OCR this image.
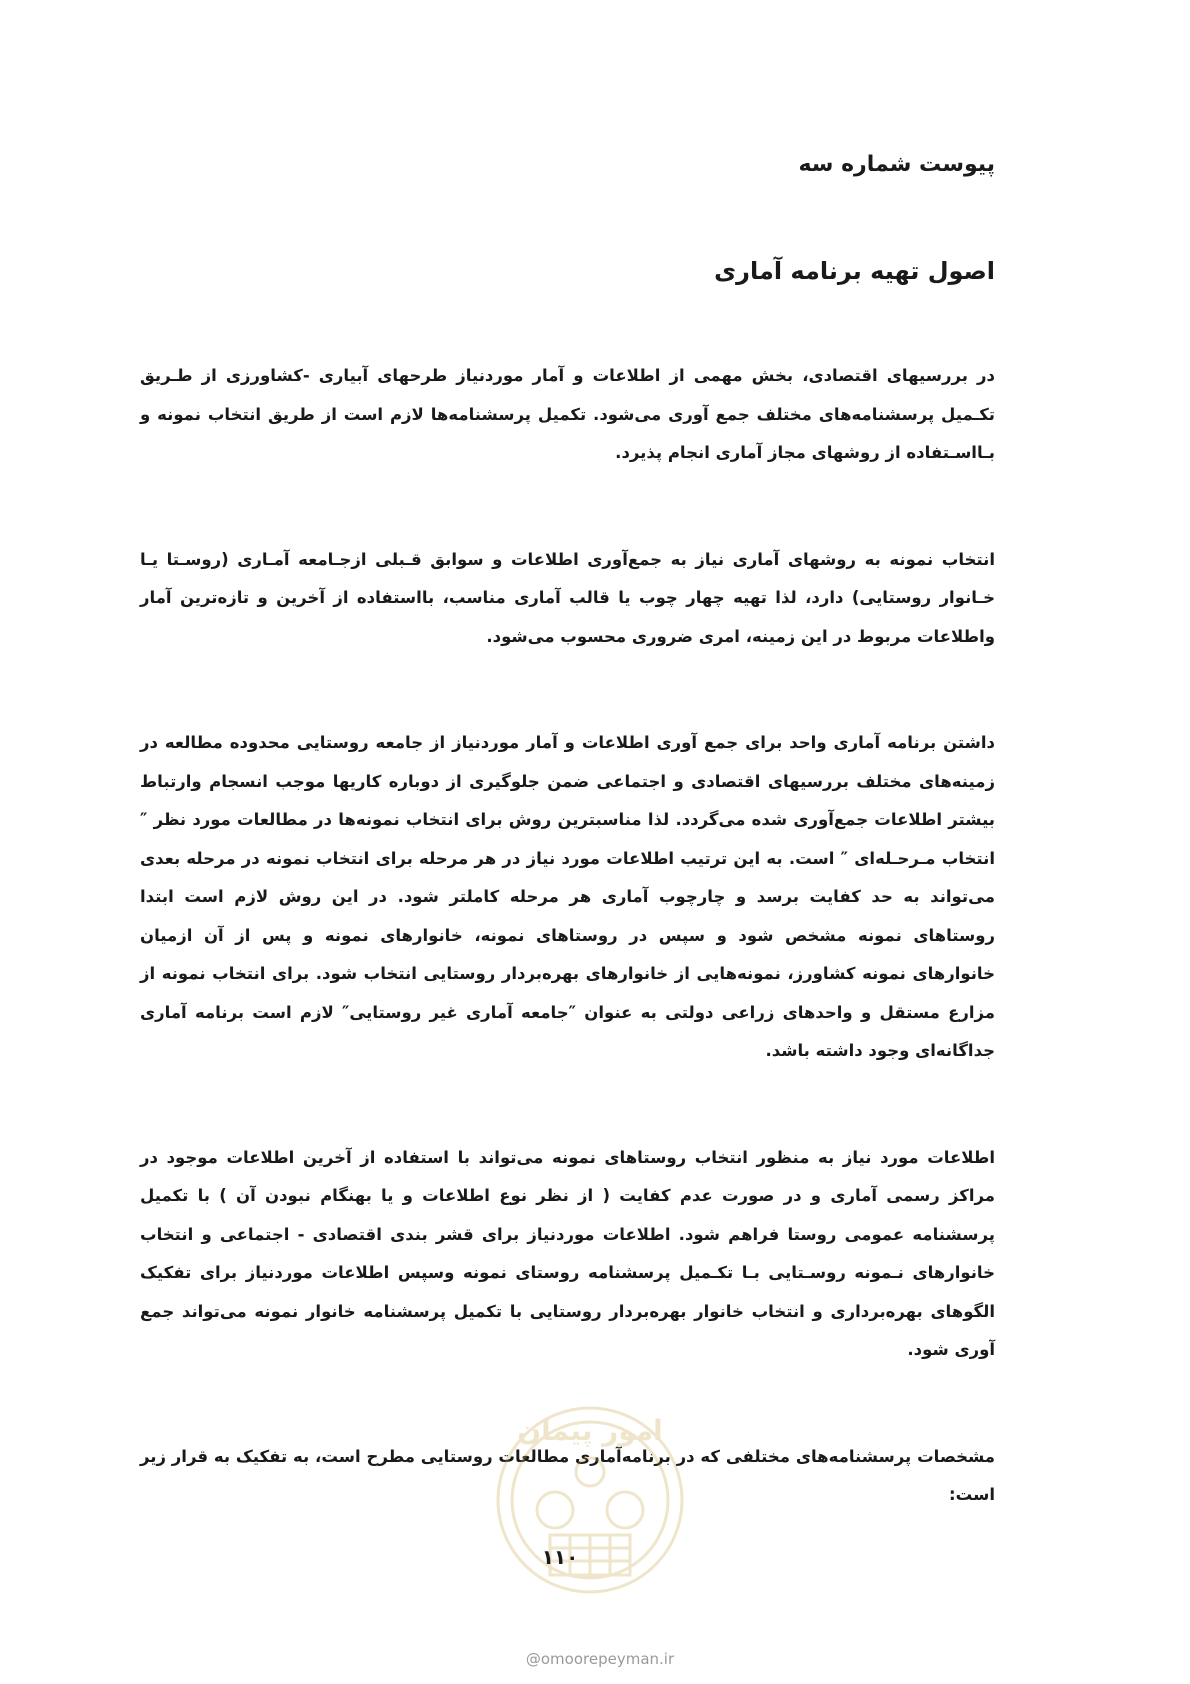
پیوست شماره سه
اصول تهیه برنامه آماری

در بررسیهای اقتصادی، بخش مهمی از اطلاعات و آمار موردنیاز طرحهای آبیاری -کشاورزی از طـریق تکـمیل پرسشنامه‌های مختلف جمع آوری می‌شود. تکمیل پرسشنامه‌ها لازم است از طریق انتخاب نمونه و بـااسـتفاده از روشهای مجاز آماری انجام پذیرد.

انتخاب نمونه به روشهای آماری نیاز به جمع‌آوری اطلاعات و سوابق قـبلی ازجـامعه آمـاری (روسـتا یـا خـانوار روستایی) دارد، لذا تهیه چهار چوب یا قالب آماری مناسب، بااستفاده از آخرین و تازه‌ترین آمار واطلاعات مربوط در این زمینه، امری ضروری محسوب می‌شود.

داشتن برنامه آماری واحد برای جمع آوری اطلاعات و آمار موردنیاز از جامعه روستایی محدوده مطالعه در زمینه‌های مختلف بررسیهای اقتصادی و اجتماعی ضمن جلوگیری از دوباره کاریها موجب انسجام وارتباط بیشتر اطلاعات جمع‌آوری شده می‌گردد. لذا مناسبترین روش برای انتخاب نمونه‌ها در مطالعات مورد نظر ″ انتخاب مـرحـله‌ای ″ است. به این ترتیب اطلاعات مورد نیاز در هر مرحله برای انتخاب نمونه در مرحله بعدی می‌تواند به حد کفایت برسد و چارچوب آماری هر مرحله کاملتر شود. در این روش لازم است ابتدا روستاهای نمونه مشخص شود و سپس در روستاهای نمونه، خانوارهای نمونه و پس از آن ازمیان خانوارهای نمونه کشاورز، نمونه‌هایی از خانوارهای بهره‌بردار روستایی انتخاب شود. برای انتخاب نمونه از مزارع مستقل و واحدهای زراعی دولتی به عنوان ″جامعه آماری غیر روستایی″ لازم است برنامه آماری جداگانه‌ای وجود داشته باشد.

اطلاعات مورد نیاز به منظور انتخاب روستاهای نمونه می‌تواند با استفاده از آخرین اطلاعات موجود در مراکز رسمی آماری و در صورت عدم کفایت ( از نظر نوع اطلاعات و یا بهنگام نبودن آن ) با تکمیل پرسشنامه عمومی روستا فراهم شود. اطلاعات موردنیاز برای قشر بندی اقتصادی - اجتماعی و انتخاب خانوارهای نـمونه روسـتایی بـا تکـمیل پرسشنامه روستای نمونه وسپس اطلاعات موردنیاز برای تفکیک الگوهای بهره‌برداری و انتخاب خانوار بهره‌بردار روستایی با تکمیل پرسشنامه خانوار نمونه می‌تواند جمع آوری شود.

مشخصات پرسشنامه‌های مختلفی که در برنامه‌آماری مطالعات روستایی مطرح است، به تفکیک به قرار زیر است:

امور پیمان
۱۱۰
@omoorepeyman.ir
